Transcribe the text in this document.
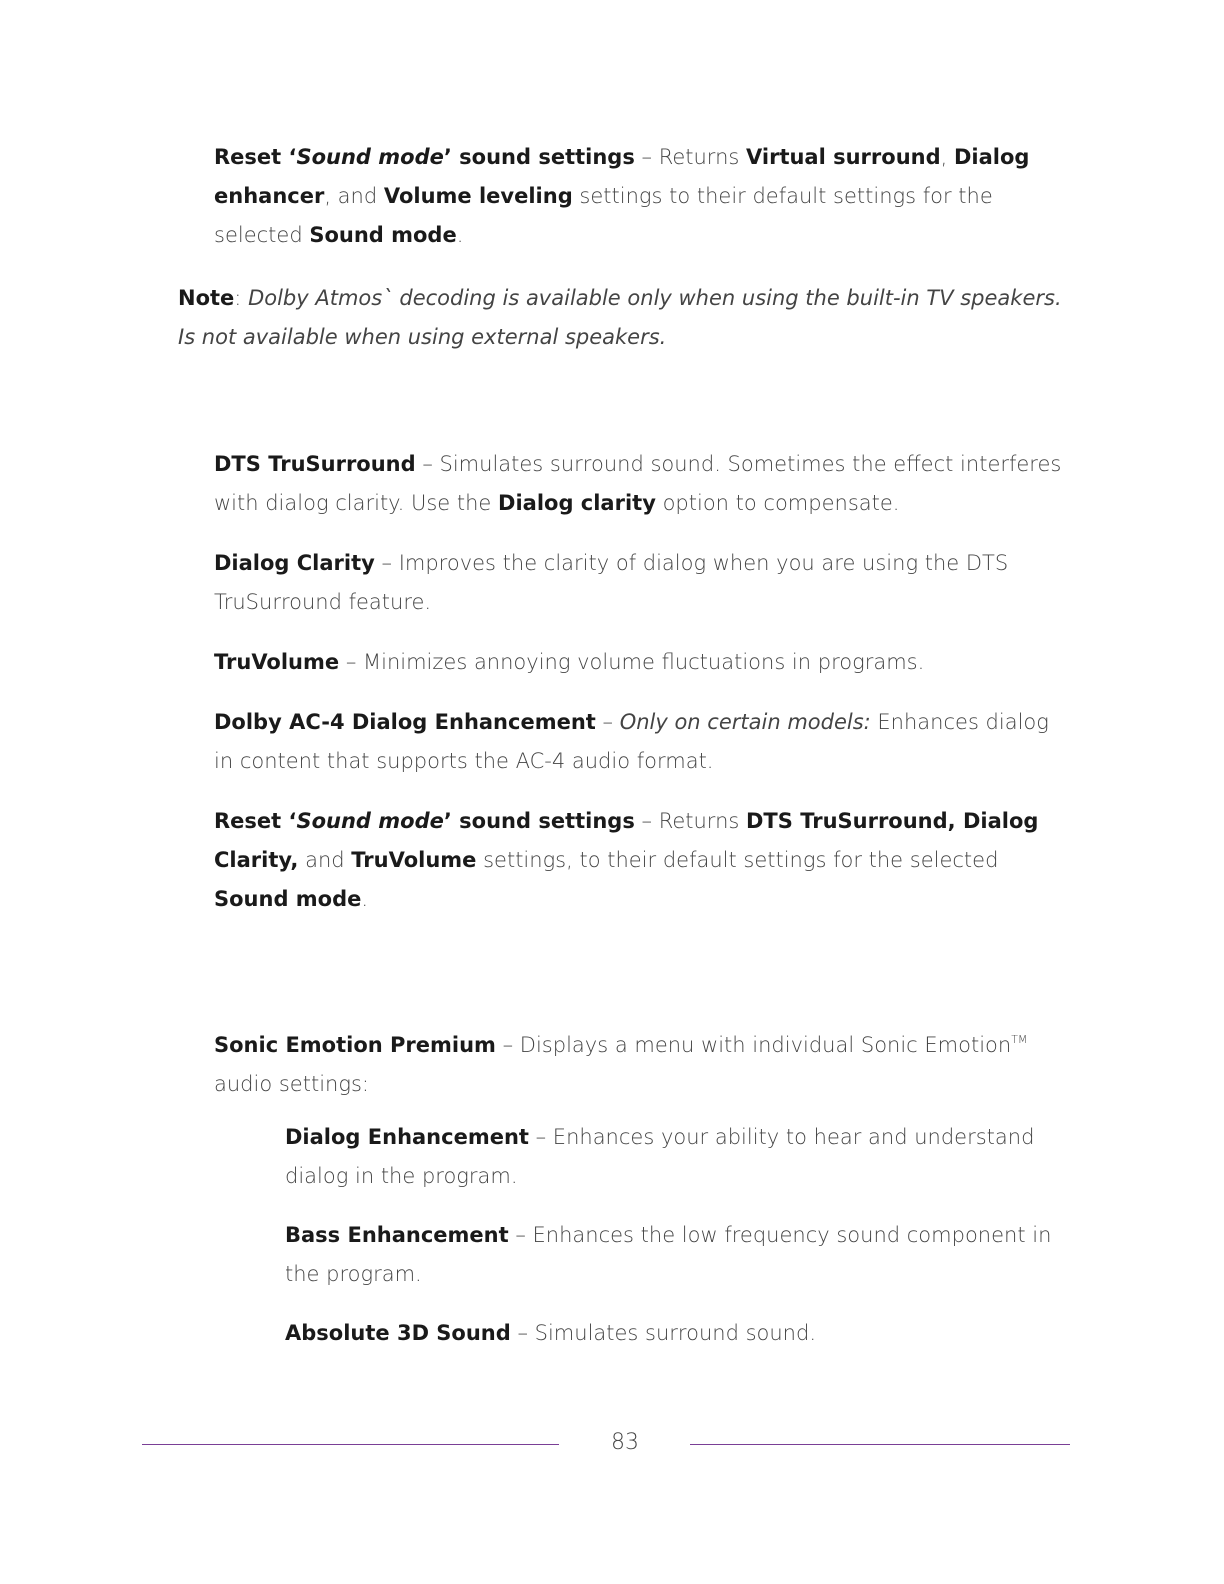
Reset ‘Sound mode’ sound settings – Returns Virtual surround, Dialog enhancer, and Volume leveling settings to their default settings for the selected Sound mode.

Note: Dolby Atmosˋ decoding is available only when using the built-in TV speakers. Is not available when using external speakers.

DTS TruSurround – Simulates surround sound. Sometimes the effect interferes with dialog clarity. Use the Dialog clarity option to compensate.

Dialog Clarity – Improves the clarity of dialog when you are using the DTS TruSurround feature.

TruVolume – Minimizes annoying volume fluctuations in programs.

Dolby AC-4 Dialog Enhancement – Only on certain models: Enhances dialog in content that supports the AC-4 audio format.

Reset ‘Sound mode’ sound settings – Returns DTS TruSurround, Dialog Clarity, and TruVolume settings, to their default settings for the selected Sound mode.

Sonic Emotion Premium – Displays a menu with individual Sonic Emotion™ audio settings:

Dialog Enhancement – Enhances your ability to hear and understand dialog in the program.

Bass Enhancement – Enhances the low frequency sound component in the program.

Absolute 3D Sound – Simulates surround sound.

83
